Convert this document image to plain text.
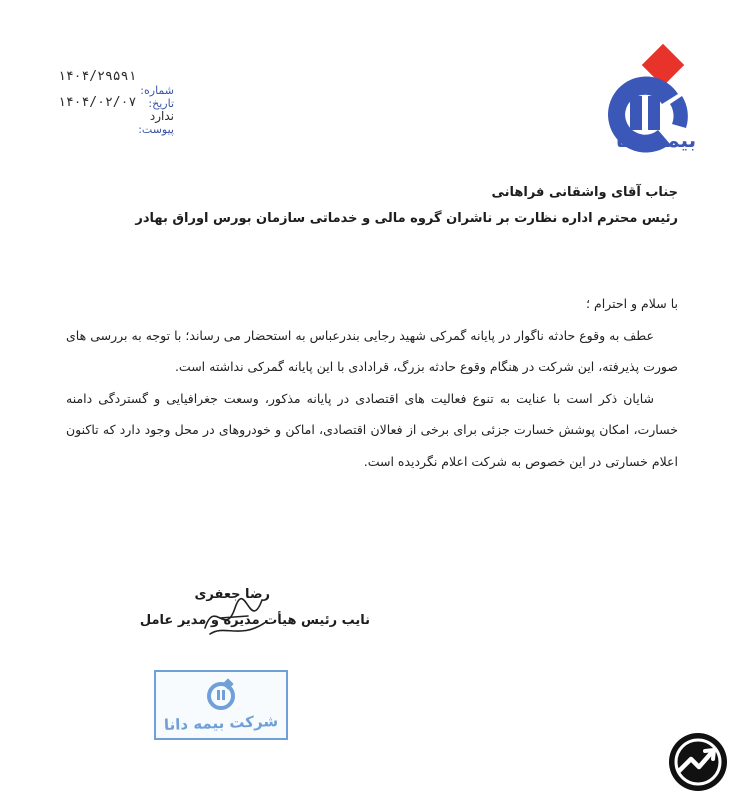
۱۴۰۴/۲۹۵۹۱
۱۴۰۴/۰۲/۰۷
شماره:
تاریخ:
ندارد
پیوست:	بیمه دانا
جناب آقای واشقانی فراهانی
رئیس محترم اداره نظارت بر ناشران گروه مالی و خدماتی سازمان بورس اوراق بهادر

با سلام و احترام ؛

عطف به وقوع حادثه ناگوار در پایانه گمرکی شهید رجایی بندرعباس به استحضار می رساند؛ با توجه به بررسی های صورت پذیرفته، این شرکت در هنگام وقوع حادثه بزرگ، قرادادی با این پایانه گمرکی نداشته است.

شایان ذکر است با عنایت به تنوع فعالیت های اقتصادی در پایانه مذکور، وسعت جغرافیایی و گستردگی دامنه خسارت، امکان پوشش خسارت جزئی برای برخی از فعالان اقتصادی، اماکن و خودروهای در محل وجود دارد که تاکنون اعلام خسارتی در این خصوص به شرکت اعلام نگردیده است.

رضا جعفری
نایب رئیس هیأت مدیره و مدیر عامل
شرکت بیمه دانا
